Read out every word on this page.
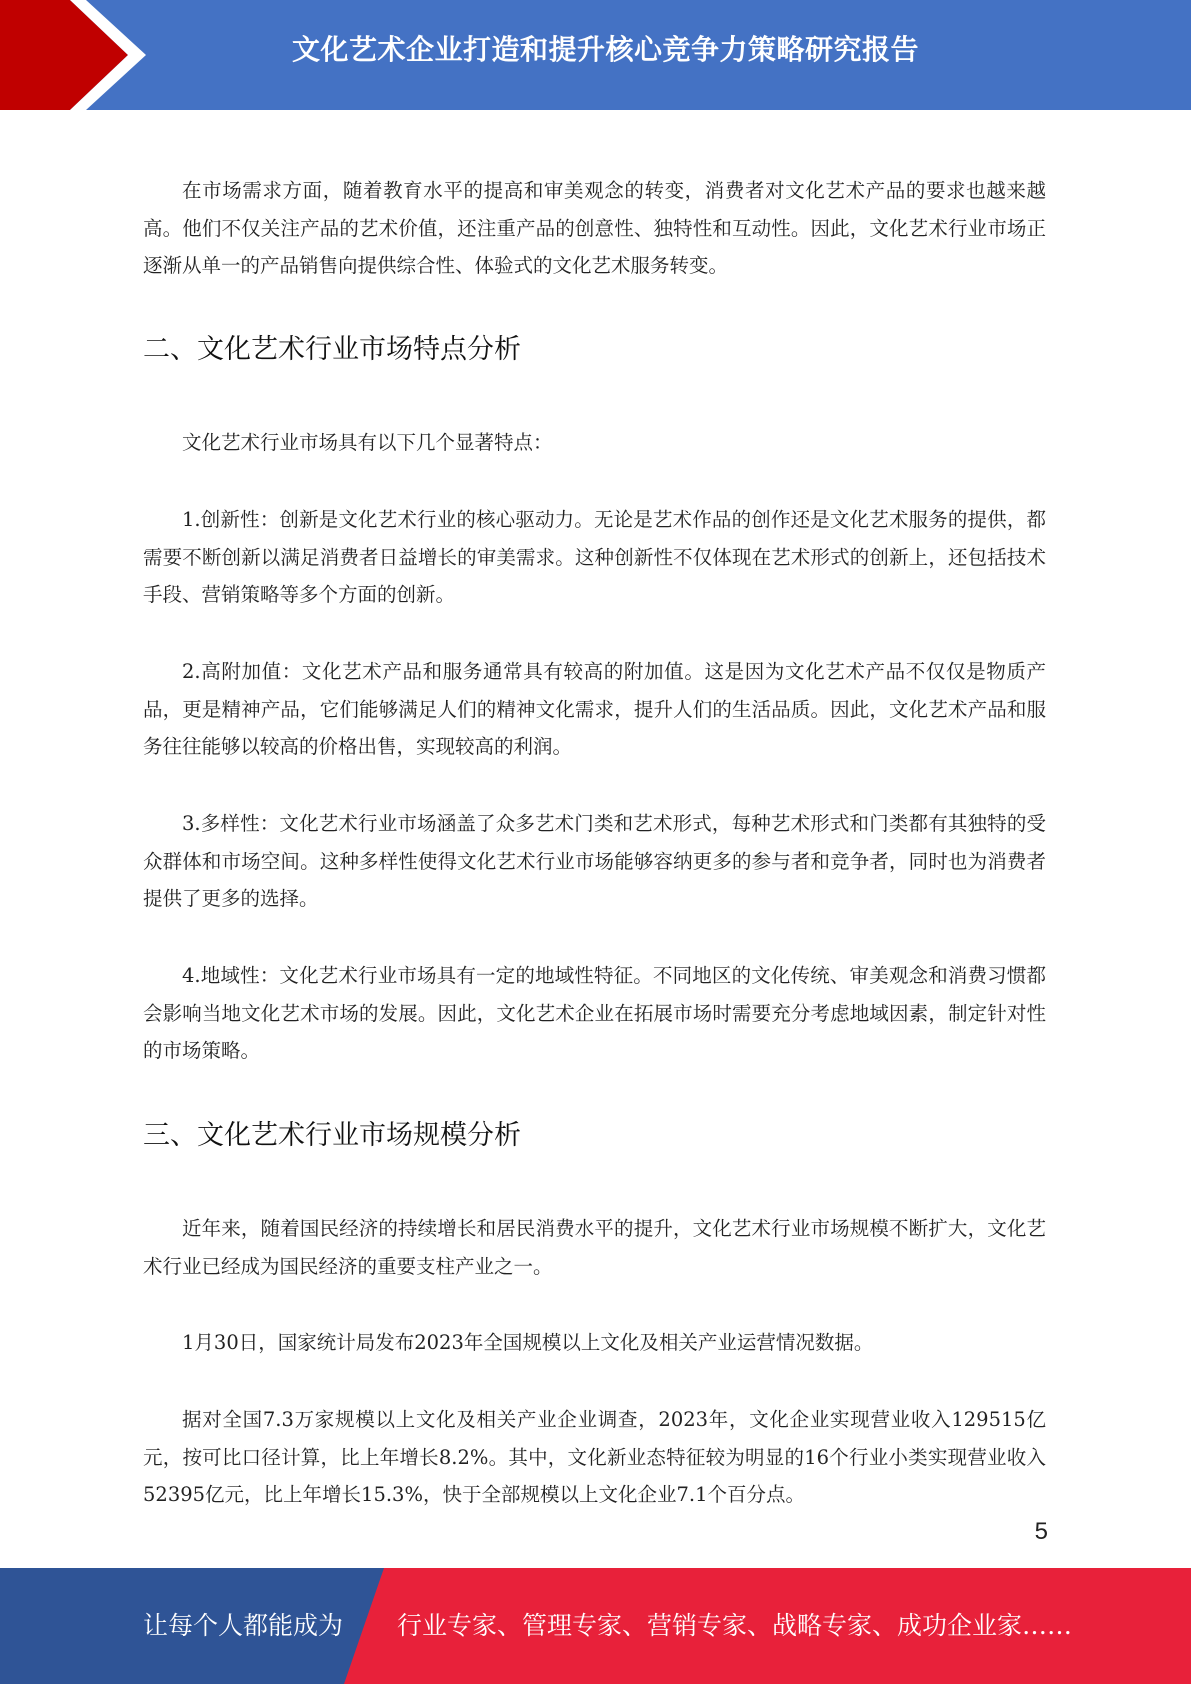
文化艺术企业打造和提升核心竞争力策略研究报告

在市场需求方面，随着教育水平的提高和审美观念的转变，消费者对文化艺术产品的要求也越来越高。他们不仅关注产品的艺术价值，还注重产品的创意性、独特性和互动性。因此，文化艺术行业市场正逐渐从单一的产品销售向提供综合性、体验式的文化艺术服务转变。

二、文化艺术行业市场特点分析

文化艺术行业市场具有以下几个显著特点：

1.创新性：创新是文化艺术行业的核心驱动力。无论是艺术作品的创作还是文化艺术服务的提供，都需要不断创新以满足消费者日益增长的审美需求。这种创新性不仅体现在艺术形式的创新上，还包括技术手段、营销策略等多个方面的创新。

2.高附加值：文化艺术产品和服务通常具有较高的附加值。这是因为文化艺术产品不仅仅是物质产品，更是精神产品，它们能够满足人们的精神文化需求，提升人们的生活品质。因此，文化艺术产品和服务往往能够以较高的价格出售，实现较高的利润。

3.多样性：文化艺术行业市场涵盖了众多艺术门类和艺术形式，每种艺术形式和门类都有其独特的受众群体和市场空间。这种多样性使得文化艺术行业市场能够容纳更多的参与者和竞争者，同时也为消费者提供了更多的选择。

4.地域性：文化艺术行业市场具有一定的地域性特征。不同地区的文化传统、审美观念和消费习惯都会影响当地文化艺术市场的发展。因此，文化艺术企业在拓展市场时需要充分考虑地域因素，制定针对性的市场策略。

三、文化艺术行业市场规模分析

近年来，随着国民经济的持续增长和居民消费水平的提升，文化艺术行业市场规模不断扩大，文化艺术行业已经成为国民经济的重要支柱产业之一。

1月30日，国家统计局发布2023年全国规模以上文化及相关产业运营情况数据。

据对全国7.3万家规模以上文化及相关产业企业调查，2023年，文化企业实现营业收入129515亿元，按可比口径计算，比上年增长8.2%。其中，文化新业态特征较为明显的16个行业小类实现营业收入52395亿元，比上年增长15.3%，快于全部规模以上文化企业7.1个百分点。

5
让每个人都能成为 行业专家、管理专家、营销专家、战略专家、成功企业家……
